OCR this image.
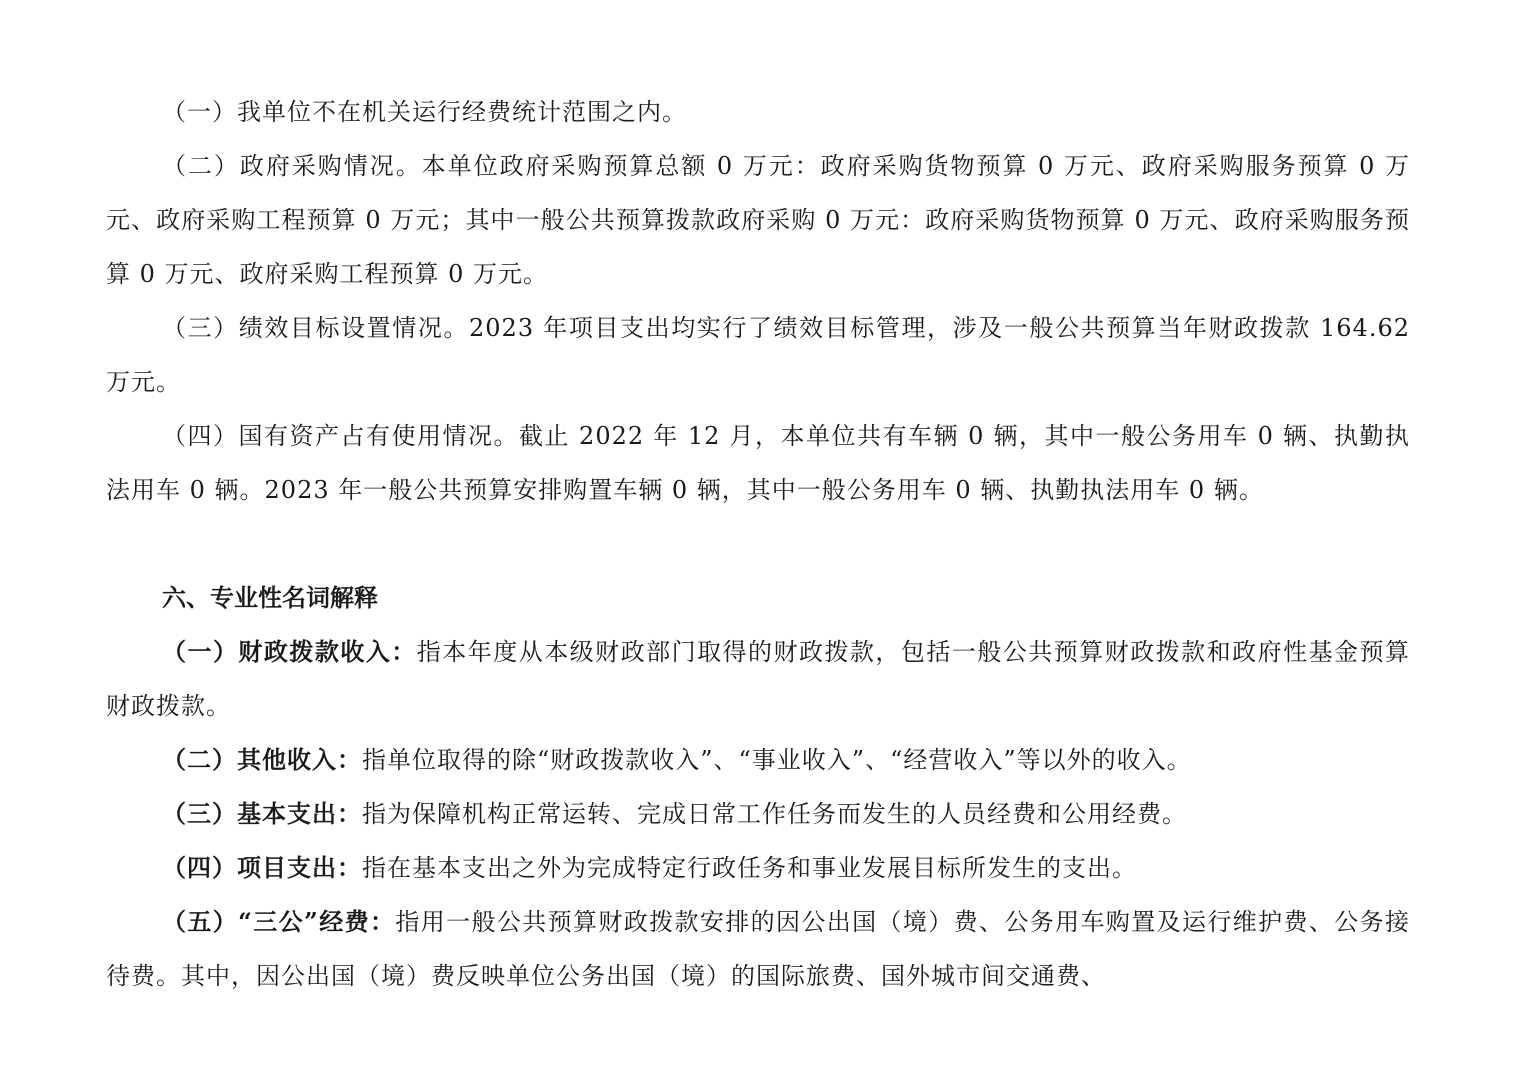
（一）我单位不在机关运行经费统计范围之内。

（二）政府采购情况。本单位政府采购预算总额 0 万元：政府采购货物预算 0 万元、政府采购服务预算 0 万元、政府采购工程预算 0 万元；其中一般公共预算拨款政府采购 0 万元：政府采购货物预算 0 万元、政府采购服务预算 0 万元、政府采购工程预算 0 万元。

（三）绩效目标设置情况。2023 年项目支出均实行了绩效目标管理，涉及一般公共预算当年财政拨款 164.62 万元。

（四）国有资产占有使用情况。截止 2022 年 12 月，本单位共有车辆 0 辆，其中一般公务用车 0 辆、执勤执法用车 0 辆。2023 年一般公共预算安排购置车辆 0 辆，其中一般公务用车 0 辆、执勤执法用车 0 辆。

六、专业性名词解释

（一）财政拨款收入：指本年度从本级财政部门取得的财政拨款，包括一般公共预算财政拨款和政府性基金预算财政拨款。

（二）其他收入：指单位取得的除“财政拨款收入”、“事业收入”、“经营收入”等以外的收入。

（三）基本支出：指为保障机构正常运转、完成日常工作任务而发生的人员经费和公用经费。

（四）项目支出：指在基本支出之外为完成特定行政任务和事业发展目标所发生的支出。

（五）“三公”经费：指用一般公共预算财政拨款安排的因公出国（境）费、公务用车购置及运行维护费、公务接待费。其中，因公出国（境）费反映单位公务出国（境）的国际旅费、国外城市间交通费、
